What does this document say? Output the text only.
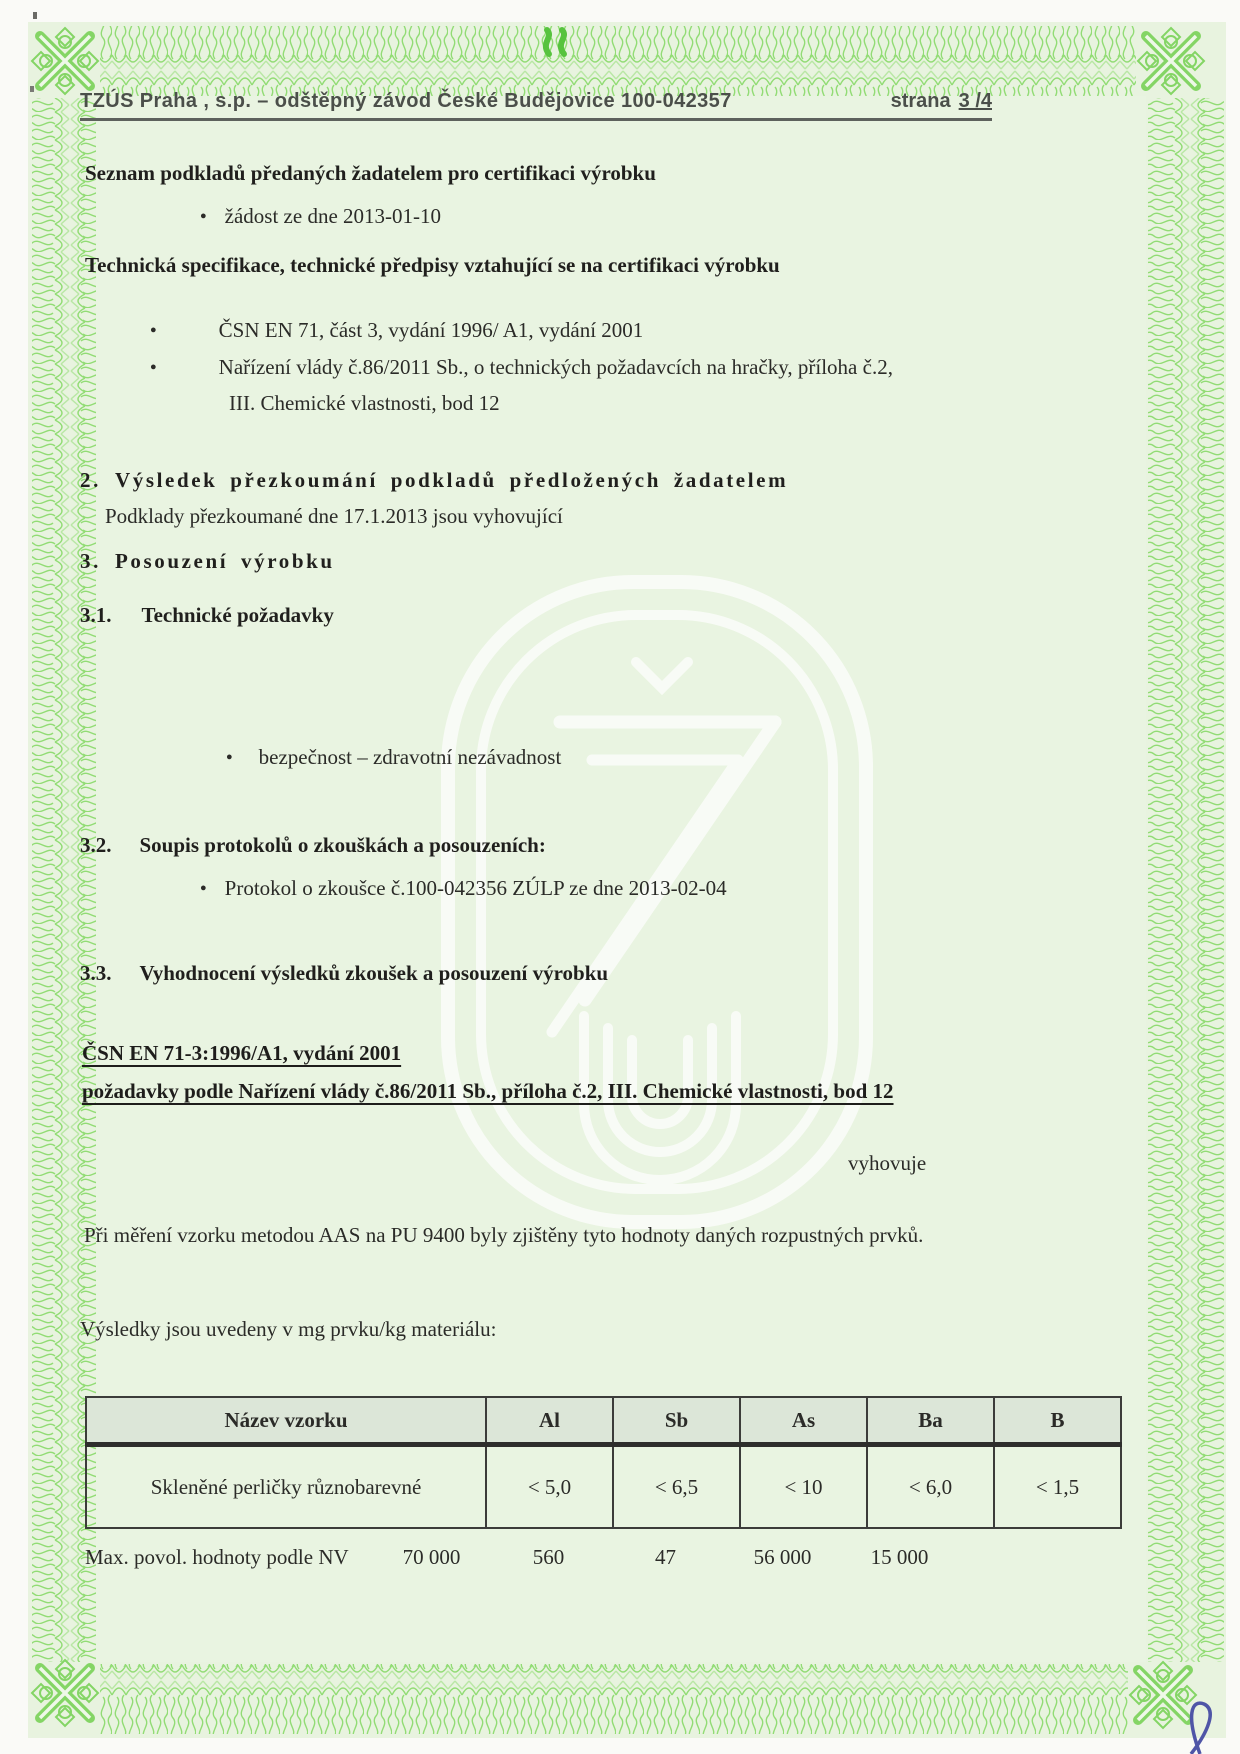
TZÚS Praha , s.p. – odštěpný závod České Budějovice 100-042357	strana 3 /4
Seznam podkladů předaných žadatelem pro certifikaci výrobku
● žádost ze dne 2013-01-10
Technická specifikace, technické předpisy vztahující se na certifikaci výrobku
● ČSN EN 71, část 3, vydání 1996/ A1, vydání 2001
● Nařízení vlády č.86/2011 Sb., o technických požadavcích na hračky, příloha č.2,
III. Chemické vlastnosti, bod 12
2. Výsledek přezkoumání podkladů předložených žadatelem
Podklady přezkoumané dne 17.1.2013 jsou vyhovující
3. Posouzení výrobku
3.1. Technické požadavky
● bezpečnost – zdravotní nezávadnost
3.2. Soupis protokolů o zkouškách a posouzeních:
● Protokol o zkoušce č.100-042356 ZÚLP ze dne 2013-02-04
3.3. Vyhodnocení výsledků zkoušek a posouzení výrobku
ČSN EN 71-3:1996/A1, vydání 2001
požadavky podle Nařízení vlády č.86/2011 Sb., příloha č.2, III. Chemické vlastnosti, bod 12
vyhovuje
Při měření vzorku metodou AAS na PU 9400 byly zjištěny tyto hodnoty daných rozpustných prvků.
Výsledky jsou uvedeny v mg prvku/kg materiálu:
Název vzorku	Al	Sb	As	Ba	B
Skleněné perličky různobarevné	< 5,0	< 6,5	< 10	< 6,0	< 1,5
Max. povol. hodnoty podle NV	70 000	560	47	56 000	15 000
